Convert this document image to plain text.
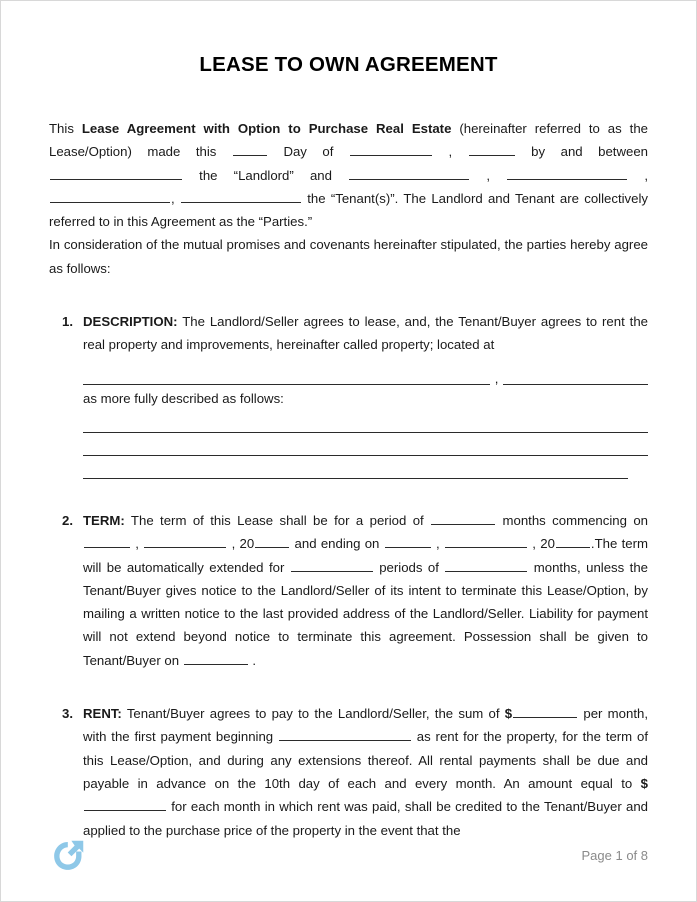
LEASE TO OWN AGREEMENT

This Lease Agreement with Option to Purchase Real Estate (hereinafter referred to as the Lease/Option) made this	Day of	,	by and between  the “Landlord” and	,	, ,	the “Tenant(s)”. The Landlord and Tenant are collectively referred to in this Agreement as the “Parties.”

In consideration of the mutual promises and covenants hereinafter stipulated, the parties hereby agree as follows:

1. DESCRIPTION: The Landlord/Seller agrees to lease, and, the Tenant/Buyer agrees to rent the real property and improvements, hereinafter called property; located at
,
as more fully described as follows:
2. TERM: The term of this Lease shall be for a period of	months commencing on  ,	, 20	and ending on	,	, 20	.The term will be automatically extended for	periods of	months, unless the Tenant/Buyer gives notice to the Landlord/Seller of its intent to terminate this Lease/Option, by mailing a written notice to the last provided address of the Landlord/Seller. Liability for payment will not extend beyond notice to terminate this agreement. Possession shall be given to Tenant/Buyer on	.
3. RENT: Tenant/Buyer agrees to pay to the Landlord/Seller, the sum of $	per month, with the first payment beginning	as rent for the property, for the term of this Lease/Option, and during any extensions thereof. All rental payments shall be due and payable in advance on the 10th day of each and every month. An amount equal to $ for each month in which rent was paid, shall be credited to the Tenant/Buyer and applied to the purchase price of the property in the event that the
Page 1 of 8
